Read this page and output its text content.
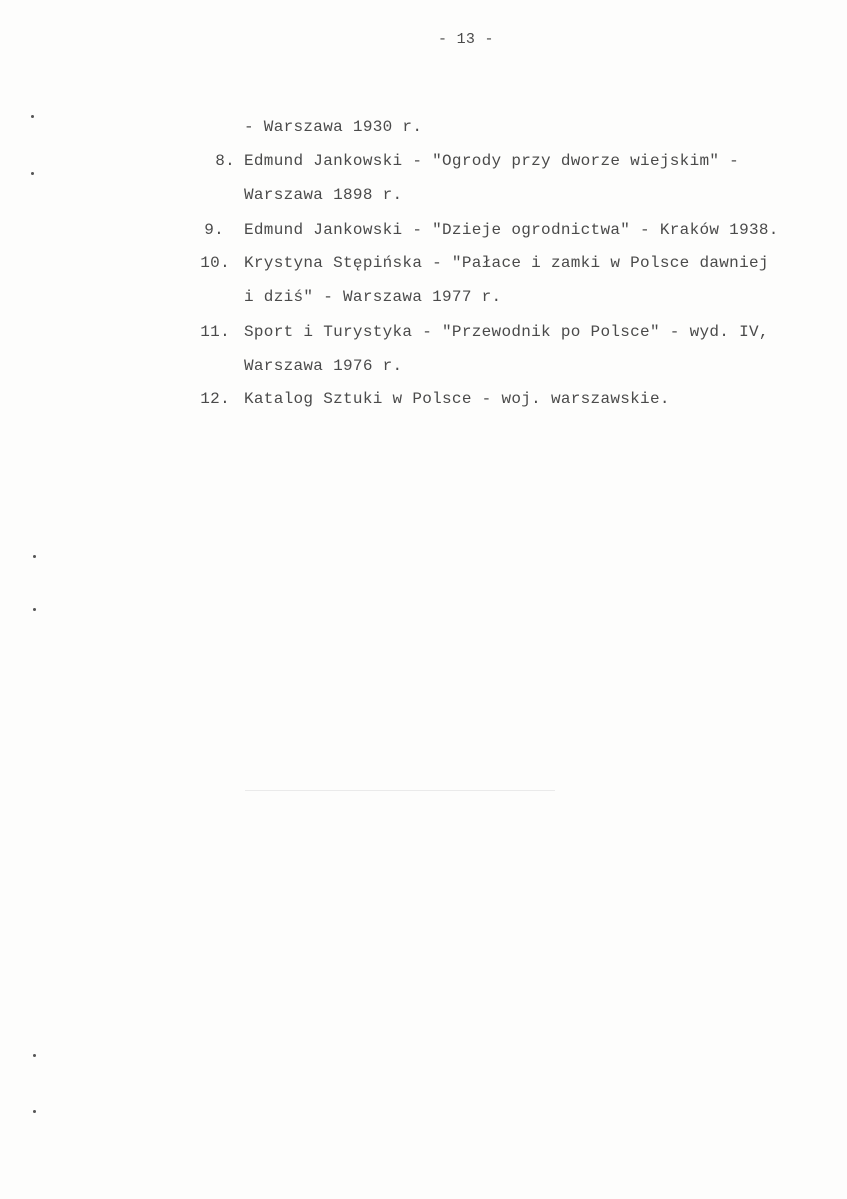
- 13 -
- Warszawa 1930 r.
8. Edmund Jankowski - "Ogrody przy dworze wiejskim" -
Warszawa 1898 r.
9. Edmund Jankowski - "Dzieje ogrodnictwa" - Kraków 1938.
10. Krystyna Stępińska - "Pałace i zamki w Polsce dawniej
i dziś" - Warszawa 1977 r.
11. Sport i Turystyka - "Przewodnik po Polsce" - wyd. IV,
Warszawa 1976 r.
12. Katalog Sztuki w Polsce - woj. warszawskie.
